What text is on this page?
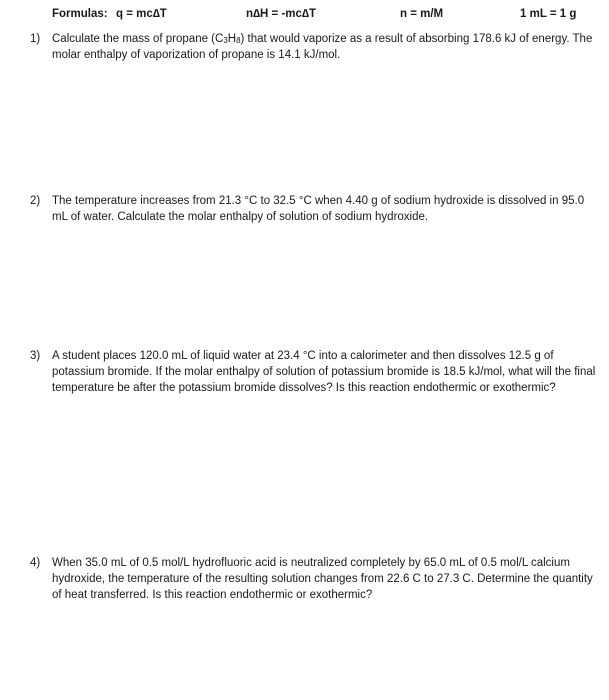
Formulas: q = mc∆T	n∆H = -mc∆T	n = m/M	1 mL = 1 g
1) Calculate the mass of propane $(C_3H_8)$ that would vaporize as a result of absorbing 178.6 kJ of energy. The molar enthalpy of vaporization of propane is 14.1 kJ/mol.
2) The temperature increases from 21.3 °C to 32.5 °C when 4.40 g of sodium hydroxide is dissolved in 95.0 mL of water. Calculate the molar enthalpy of solution of sodium hydroxide.
3) A student places 120.0 mL of liquid water at 23.4 °C into a calorimeter and then dissolves 12.5 g of potassium bromide. If the molar enthalpy of solution of potassium bromide is 18.5 kJ/mol, what will the final temperature be after the potassium bromide dissolves? Is this reaction endothermic or exothermic?
4) When 35.0 mL of 0.5 mol/L hydrofluoric acid is neutralized completely by 65.0 mL of 0.5 mol/L calcium hydroxide, the temperature of the resulting solution changes from 22.6 C to 27.3 C. Determine the quantity of heat transferred. Is this reaction endothermic or exothermic?
